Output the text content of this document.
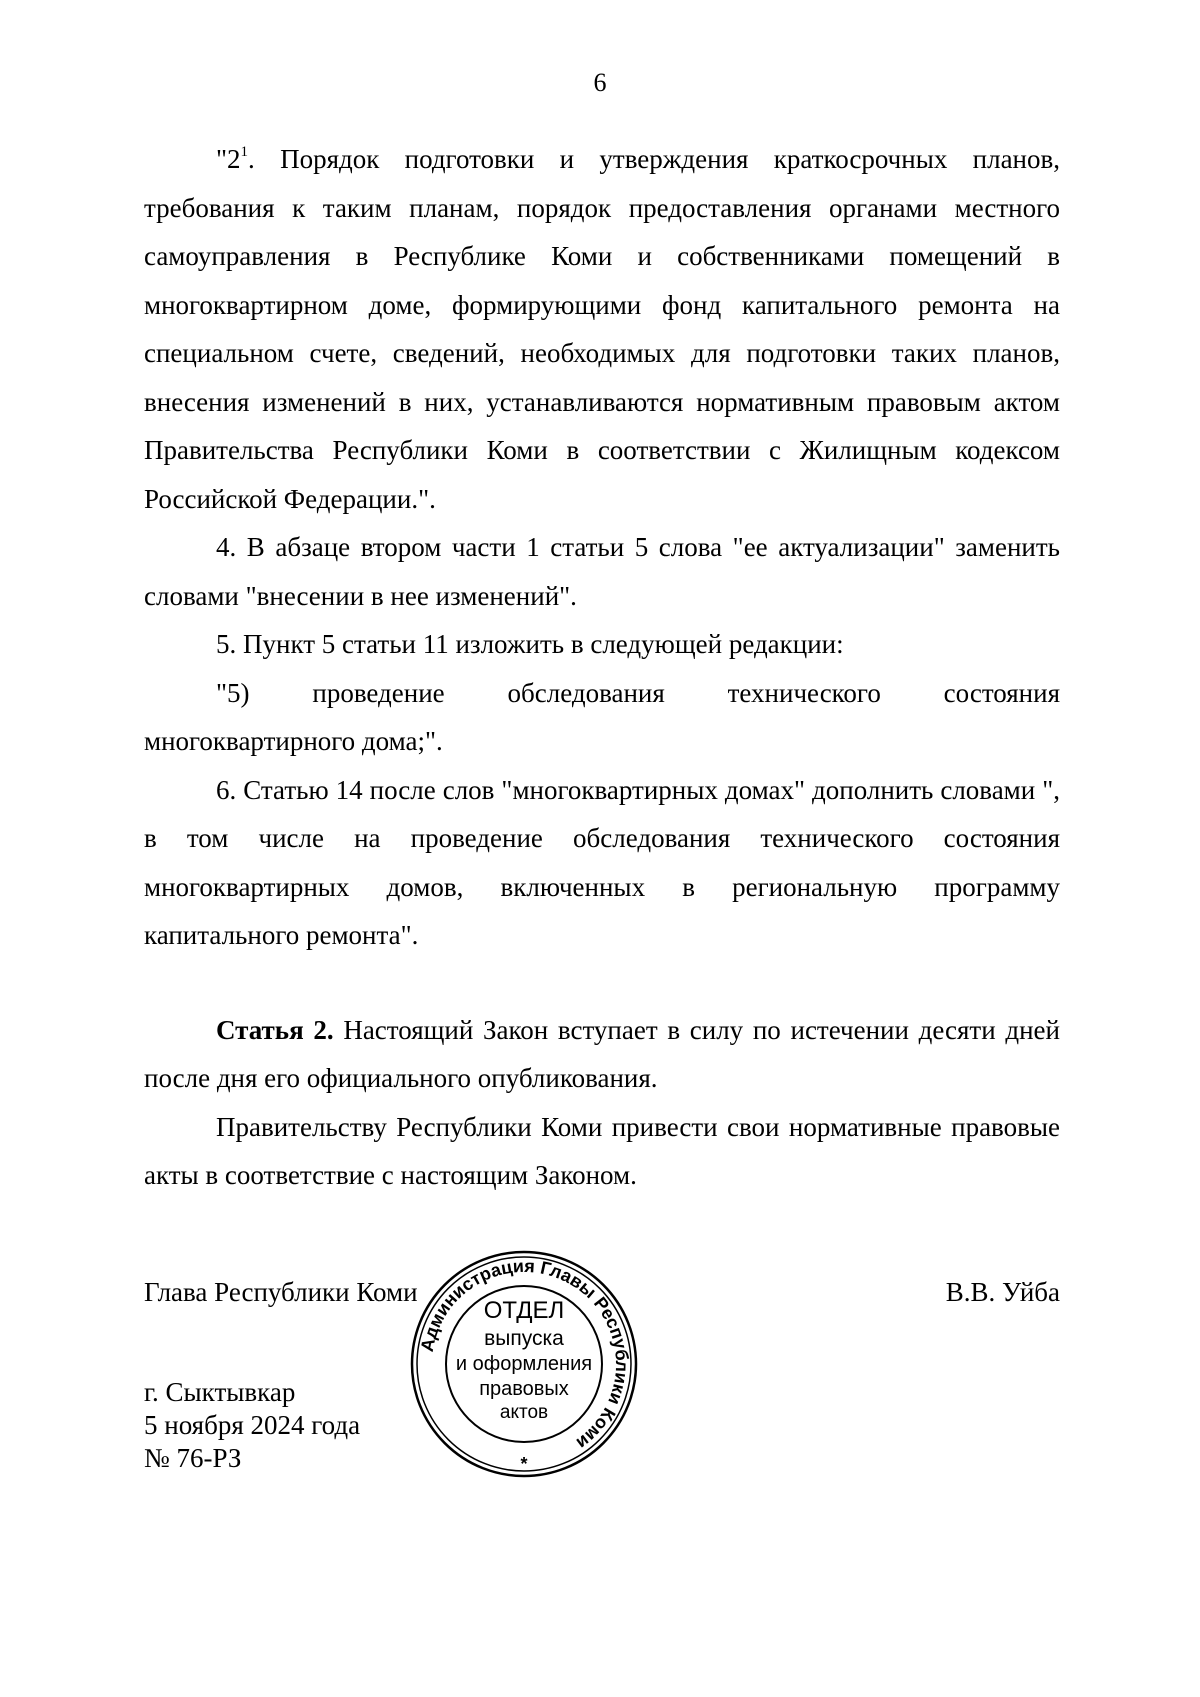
6

"$2^1$. Порядок подготовки и утверждения краткосрочных планов, требования к таким планам, порядок предоставления органами местного самоуправления в Республике Коми и собственниками помещений в многоквартирном доме, формирующими фонд капитального ремонта на специальном счете, сведений, необходимых для подготовки таких планов, внесения изменений в них, устанавливаются нормативным правовым актом Правительства Республики Коми в соответствии с Жилищным кодексом Российской Федерации.".

4. В абзаце втором части 1 статьи 5 слова "ее актуализации" заменить словами "внесении в нее изменений".

5. Пункт 5 статьи 11 изложить в следующей редакции:

"5) проведение обследования технического состояния

многоквартирного дома;".

6. Статью 14 после слов "многоквартирных домах" дополнить словами ", в том числе на проведение обследования технического состояния многоквартирных домов, включенных в региональную программу капитального ремонта".

Статья 2. Настоящий Закон вступает в силу по истечении десяти дней после дня его официального опубликования.

Правительству Республики Коми привести свои нормативные правовые акты в соответствие с настоящим Законом.

Глава Республики Коми	В.В. Уйба
г. Сыктывкар
5 ноября 2024 года
№ 76-РЗ
Администрация Главы Республики Коми
ОТДЕЛ
выпуска
и оформления
правовых
актов
*
